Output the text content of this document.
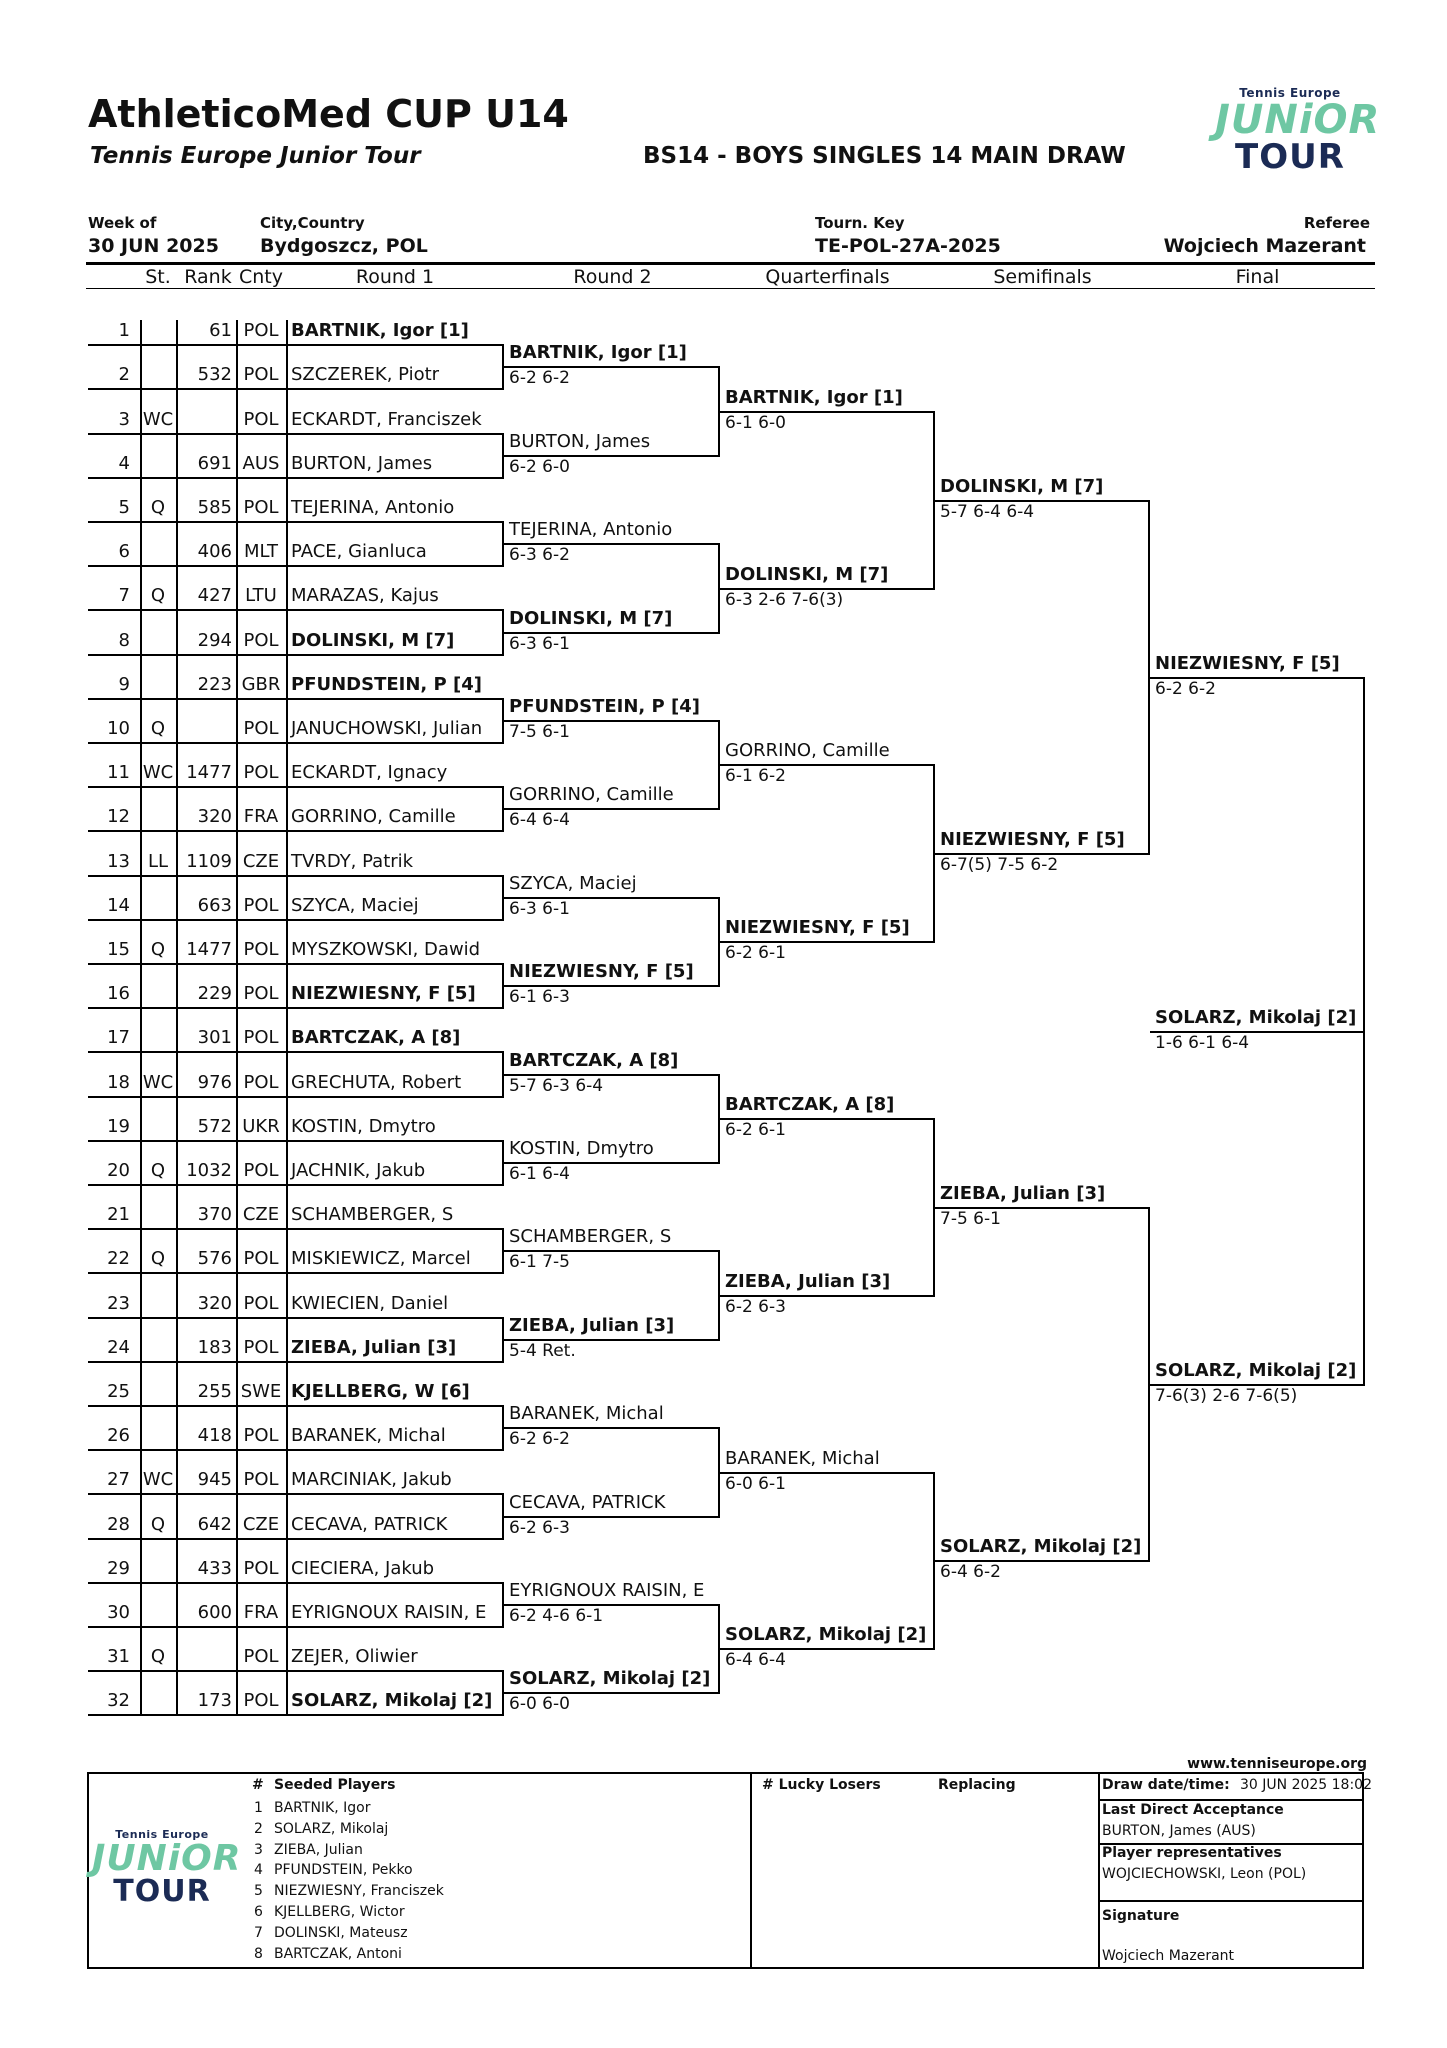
AthleticoMed CUP U14
Tennis Europe Junior Tour	BS14 - BOYS SINGLES 14 MAIN DRAW
Tennis Europe
JUNiOR
TOUR
Week of
30 JUN 2025
City,Country
Bydgoszcz, POL
Tourn. Key
TE-POL-27A-2025
Referee
Wojciech Mazerant
St. Rank Cnty	Round 1	Round 2	Quarterfinals	Semifinals	Final
1	61 POL BARTNIK, Igor [1]
2	532 POL SZCZEREK, Piotr
3 WC	POL ECKARDT, Franciszek
4	691 AUS BURTON, James
5	Q	585 POL TEJERINA, Antonio
6	406 MLT PACE, Gianluca
7	Q	427 LTU MARAZAS, Kajus
8	294 POL DOLINSKI, M [7]
9	223 GBR PFUNDSTEIN, P [4]
10	Q	POL JANUCHOWSKI, Julian
11 WC 1477 POL ECKARDT, Ignacy
12	320 FRA GORRINO, Camille
13 LL	1109 CZE TVRDY, Patrik
14	663 POL SZYCA, Maciej
15	Q	1477 POL MYSZKOWSKI, Dawid
16	229 POL NIEZWIESNY, F [5]
17	301 POL BARTCZAK, A [8]
18 WC	976 POL GRECHUTA, Robert
19	572 UKR KOSTIN, Dmytro
20	Q	1032 POL JACHNIK, Jakub
21	370 CZE SCHAMBERGER, S
22	Q	576 POL MISKIEWICZ, Marcel
23	320 POL KWIECIEN, Daniel
24	183 POL ZIEBA, Julian [3]
25	255 SWE KJELLBERG, W [6]
26	418 POL BARANEK, Michal
27 WC	945 POL MARCINIAK, Jakub
28	Q	642 CZE CECAVA, PATRICK
29	433 POL CIECIERA, Jakub
30	600 FRA EYRIGNOUX RAISIN, E
31	Q	POL ZEJER, Oliwier
32	173 POL SOLARZ, Mikolaj [2]
BARTNIK, Igor [1]
6-2 6-2
BURTON, James
6-2 6-0
TEJERINA, Antonio
6-3 6-2
DOLINSKI, M [7]
6-3 6-1
PFUNDSTEIN, P [4]
7-5 6-1
GORRINO, Camille
6-4 6-4
SZYCA, Maciej
6-3 6-1
NIEZWIESNY, F [5]
6-1 6-3
BARTCZAK, A [8]
5-7 6-3 6-4
KOSTIN, Dmytro
6-1 6-4
SCHAMBERGER, S
6-1 7-5
ZIEBA, Julian [3]
5-4 Ret.
BARANEK, Michal
6-2 6-2
CECAVA, PATRICK
6-2 6-3
EYRIGNOUX RAISIN, E
6-2 4-6 6-1
SOLARZ, Mikolaj [2]
6-0 6-0
BARTNIK, Igor [1]
6-1 6-0
DOLINSKI, M [7]
6-3 2-6 7-6(3)
GORRINO, Camille
6-1 6-2
NIEZWIESNY, F [5]
6-2 6-1
BARTCZAK, A [8]
6-2 6-1
ZIEBA, Julian [3]
6-2 6-3
BARANEK, Michal
6-0 6-1
SOLARZ, Mikolaj [2]
6-4 6-4
DOLINSKI, M [7]
5-7 6-4 6-4
NIEZWIESNY, F [5]
6-7(5) 7-5 6-2
ZIEBA, Julian [3]
7-5 6-1
SOLARZ, Mikolaj [2]
6-4 6-2
NIEZWIESNY, F [5]
6-2 6-2
SOLARZ, Mikolaj [2]
7-6(3) 2-6 7-6(5)
SOLARZ, Mikolaj [2]
1-6 6-1 6-4
www.tenniseurope.org
Tennis Europe
JUNiOR
TOUR
# Seeded Players
1 BARTNIK, Igor
2 SOLARZ, Mikolaj
3 ZIEBA, Julian
4 PFUNDSTEIN, Pekko
5 NIEZWIESNY, Franciszek
6 KJELLBERG, Wictor
7 DOLINSKI, Mateusz
8 BARTCZAK, Antoni
# Lucky Losers	Replacing	Draw date/time: 30 JUN 2025 18:02
Last Direct Acceptance
BURTON, James (AUS)
Player representatives
WOJCIECHOWSKI, Leon (POL)
Signature
Wojciech Mazerant
